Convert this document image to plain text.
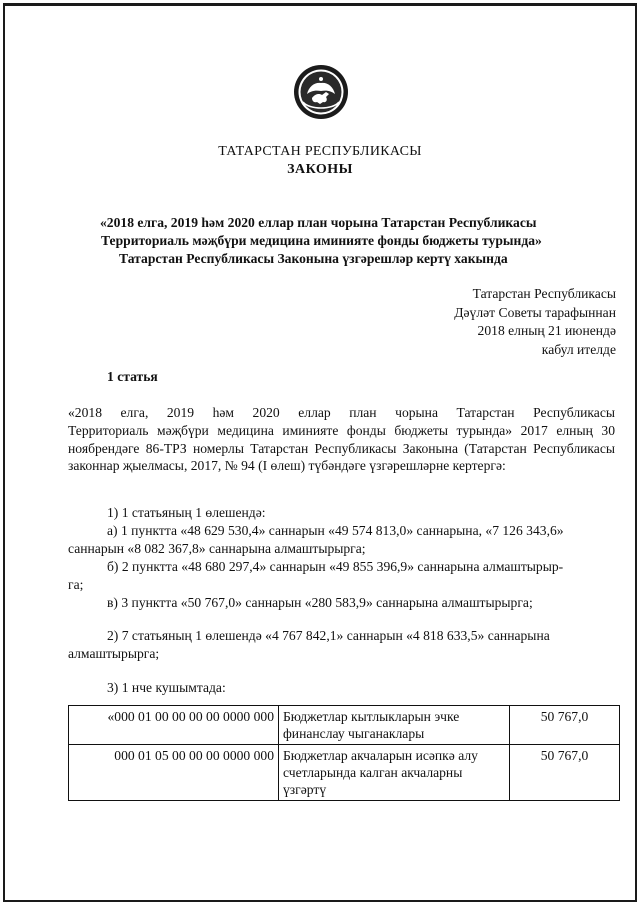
ТАТАРСТАН РЕСПУБЛИКАСЫ
ЗАКОНЫ
«2018 елга, 2019 һәм 2020 еллар план чорына Татарстан Республикасы
Территориаль мәҗбүри медицина иминияте фонды бюджеты турында»
Татарстан Республикасы Законына үзгәрешләр кертү хакында
Татарстан Республикасы
Дәүләт Советы тарафыннан
2018 елның 21 июнендә
кабул ителде
1 статья
«2018 елга, 2019 һәм 2020 еллар план чорына Татарстан Республикасы
Территориаль мәҗбүри медицина иминияте фонды бюджеты турында» 2017 елның 30 ноябрендәге 86-ТРЗ номерлы Татарстан Республикасы Законына (Татарстан Республикасы законнар җыелмасы, 2017, № 94 (I өлеш) түбәндәге үзгәрешләрне кертергә:
1) 1 статьяның 1 өлешендә:
а) 1 пунктта «48 629 530,4» саннарын «49 574 813,0» саннарына, «7 126 343,6»
саннарын «8 082 367,8» саннарына алмаштырырга;
б) 2 пунктта «48 680 297,4» саннарын «49 855 396,9» саннарына алмаштырыр-
га;
в) 3 пунктта «50 767,0» саннарын «280 583,9» саннарына алмаштырырга;
2) 7 статьяның 1 өлешендә «4 767 842,1» саннарын «4 818 633,5» саннарына
алмаштырырга;
3) 1 нче кушымтада:
«000 01 00 00 00 00 0000 000	Бюджетлар кытлыкларын эчке финанслау чыганаклары	50 767,0
000 01 05 00 00 00 0000 000	Бюджетлар акчаларын исәпкә алу счетларында калган акчаларны үзгәртү	50 767,0
